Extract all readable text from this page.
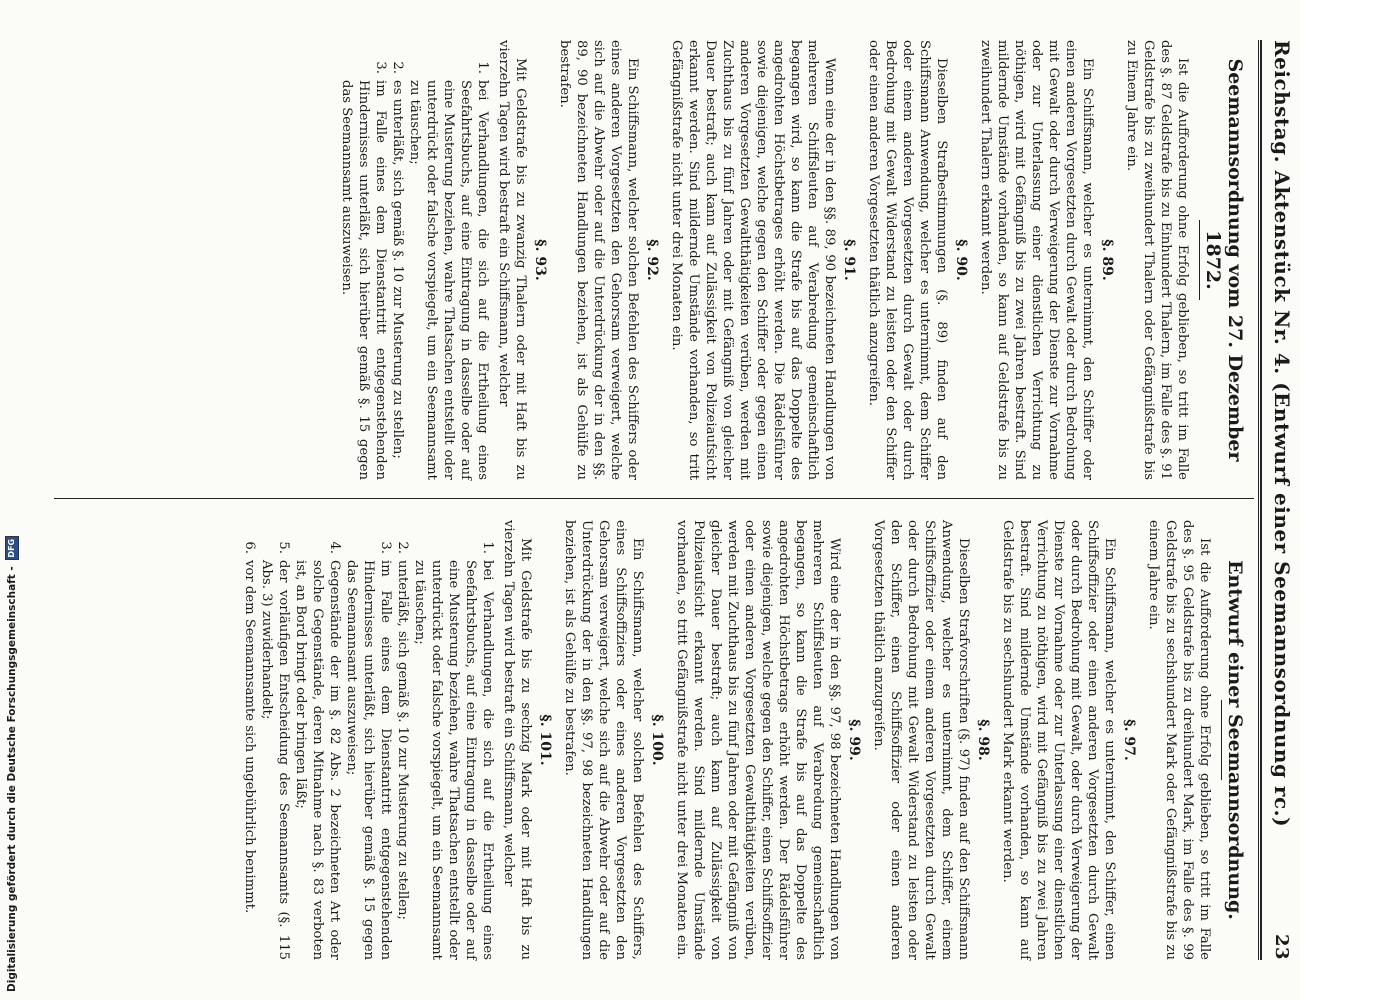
Reichstag. Aktenstück Nr. 4. (Entwurf einer Seemannsordnung rc.)
23
Seemannsordnung vom 27. Dezember 1872.

Ist die Aufforderung ohne Erfolg geblieben, so tritt im Falle des §. 87 Geldstrafe bis zu Einhundert Thalern, im Falle des §. 91 Geldstrafe bis zu zweihundert Thalern oder Gefängnißstrafe bis zu Einem Jahre ein.

§. 89.

Ein Schiffsmann, welcher es unternimmt, den Schiffer oder einen anderen Vorgesetzten durch Gewalt oder durch Bedrohung mit Gewalt oder durch Verweigerung der Dienste zur Vornahme oder zur Unterlassung einer dienstlichen Verrichtung zu nöthigen, wird mit Gefängniß bis zu zwei Jahren bestraft. Sind mildernde Umstände vorhanden, so kann auf Geldstrafe bis zu zweihundert Thalern erkannt werden.

§. 90.

Dieselben Strafbestimmungen (§. 89) finden auf den Schiffsmann Anwendung, welcher es unternimmt, dem Schiffer oder einem anderen Vorgesetzten durch Gewalt oder durch Bedrohung mit Gewalt Widerstand zu leisten oder den Schiffer oder einen anderen Vorgesetzten thätlich anzugreifen.

§. 91.

Wenn eine der in den §§. 89, 90 bezeichneten Handlungen von mehreren Schiffsleuten auf Verabredung gemeinschaftlich begangen wird, so kann die Strafe bis auf das Doppelte des angedrohten Höchstbetrages erhöht werden. Die Rädelsführer sowie diejenigen, welche gegen den Schiffer oder gegen einen anderen Vorgesetzten Gewaltthätigkeiten verüben, werden mit Zuchthaus bis zu fünf Jahren oder mit Gefängniß von gleicher Dauer bestraft; auch kann auf Zulässigkeit von Polizeiaufsicht erkannt werden. Sind mildernde Umstände vorhanden, so tritt Gefängnißstrafe nicht unter drei Monaten ein.

§. 92.

Ein Schiffsmann, welcher solchen Befehlen des Schiffers oder eines anderen Vorgesetzten den Gehorsam verweigert, welche sich auf die Abwehr oder auf die Unterdrückung der in den §§. 89, 90 bezeichneten Handlungen beziehen, ist als Gehülfe zu bestrafen.

§. 93.

Mit Geldstrafe bis zu zwanzig Thalern oder mit Haft bis zu vierzehn Tagen wird bestraft ein Schiffsmann, welcher

1.
bei Verhandlungen, die sich auf die Ertheilung eines Seefahrtsbuchs, auf eine Eintragung in dasselbe oder auf eine Musterung beziehen, wahre Thatsachen entstellt oder unterdrückt oder falsche vorspiegelt, um ein Seemannsamt zu täuschen;
2.
es unterläßt, sich gemäß §. 10 zur Musterung zu stellen;
3.
im Falle eines dem Dienstantritt entgegenstehenden Hindernisses unterläßt, sich hierüber gemäß §. 15 gegen das Seemannsamt auszuweisen.
Entwurf einer Seemannsordnung.

Ist die Aufforderung ohne Erfolg geblieben, so tritt im Falle des §. 95 Geldstrafe bis zu dreihundert Mark, im Falle des §. 99 Geldstrafe bis zu sechshundert Mark oder Gefängnißstrafe bis zu einem Jahre ein.

§. 97.

Ein Schiffsmann, welcher es unternimmt, den Schiffer, einen Schiffsoffizier oder einen anderen Vorgesetzten durch Gewalt oder durch Bedrohung mit Gewalt, oder durch Verweigerung der Dienste zur Vornahme oder zur Unterlassung einer dienstlichen Verrichtung zu nöthigen, wird mit Gefängniß bis zu zwei Jahren bestraft. Sind mildernde Umstände vorhanden, so kann auf Geldstrafe bis zu sechshundert Mark erkannt werden.

§. 98.

Dieselben Strafvorschriften (§. 97) finden auf den Schiffsmann Anwendung, welcher es unternimmt, dem Schiffer, einem Schiffsoffizier oder einem anderen Vorgesetzten durch Gewalt oder durch Bedrohung mit Gewalt Widerstand zu leisten oder den Schiffer, einen Schiffsoffizier oder einen anderen Vorgesetzten thätlich anzugreifen.

§. 99.

Wird eine der in den §§. 97, 98 bezeichneten Handlungen von mehreren Schiffsleuten auf Verabredung gemeinschaftlich begangen, so kann die Strafe bis auf das Doppelte des angedrohten Höchstbetrags erhöht werden. Der Rädelsführer sowie diejenigen, welche gegen den Schiffer, einen Schiffsoffizier oder einen anderen Vorgesetzten Gewaltthätigkeiten verüben, werden mit Zuchthaus bis zu fünf Jahren oder mit Gefängniß von gleicher Dauer bestraft; auch kann auf Zulässigkeit von Polizeiaufsicht erkannt werden. Sind mildernde Umstände vorhanden, so tritt Gefängnißstrafe nicht unter drei Monaten ein.

§. 100.

Ein Schiffsmann, welcher solchen Befehlen des Schiffers, eines Schiffsoffiziers oder eines anderen Vorgesetzten den Gehorsam verweigert, welche sich auf die Abwehr oder auf die Unterdrückung der in den §§. 97, 98 bezeichneten Handlungen beziehen, ist als Gehülfe zu bestrafen.

§. 101.

Mit Geldstrafe bis zu sechzig Mark oder mit Haft bis zu vierzehn Tagen wird bestraft ein Schiffsmann, welcher

1.
bei Verhandlungen, die sich auf die Ertheilung eines Seefahrtsbuchs, auf eine Eintragung in dasselbe oder auf eine Musterung beziehen, wahre Thatsachen entstellt oder unterdrückt oder falsche vorspiegelt, um ein Seemannsamt zu täuschen;
2.
unterläßt, sich gemäß §. 10 zur Musterung zu stellen;
3.
im Falle eines dem Dienstantritt entgegenstehenden Hindernisses unterläßt, sich hierüber gemäß §. 15 gegen das Seemannsamt auszuweisen;
4.
Gegenstände der im §. 82 Abs. 2 bezeichneten Art oder solche Gegenstände, deren Mitnahme nach §. 83 verboten ist, an Bord bringt oder bringen läßt;
5.
der vorläufigen Entscheidung des Seemannsamts (§. 115 Abs. 3) zuwiderhandelt;
6.
vor dem Seemannsamte sich ungebührlich benimmt.
Digitalisierung gefördert durch die Deutsche Forschungsgemeinschaft -
DFG
